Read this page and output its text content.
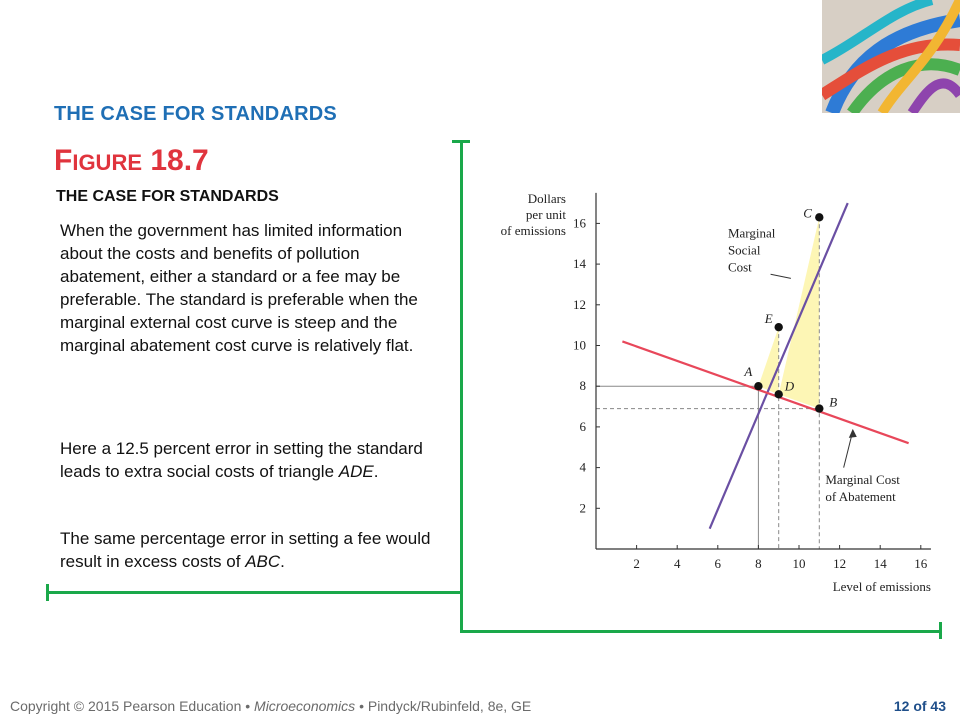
THE CASE FOR STANDARDS
FIGURE 18.7
THE CASE FOR STANDARDS

When the government has limited information about the costs and benefits of pollution abatement, either a standard or a fee may be preferable. The standard is preferable when the marginal external cost curve is steep and the marginal abatement cost curve is relatively flat.

Here a 12.5 percent error in setting the standard leads to extra social costs of triangle ADE.

The same percentage error in setting a fee would result in excess costs of ABC.	2	4	6	8 10 12 14 16
2
4
6
8
10
12
14
16
Dollars
per unit
of emissions
Level of emissions
Marginal
Social
Cost
Marginal Cost
of Abatement
A
D
B
E
C
Copyright © 2015 Pearson Education • Microeconomics • Pindyck/Rubinfeld, 8e, GE	12 of 43
